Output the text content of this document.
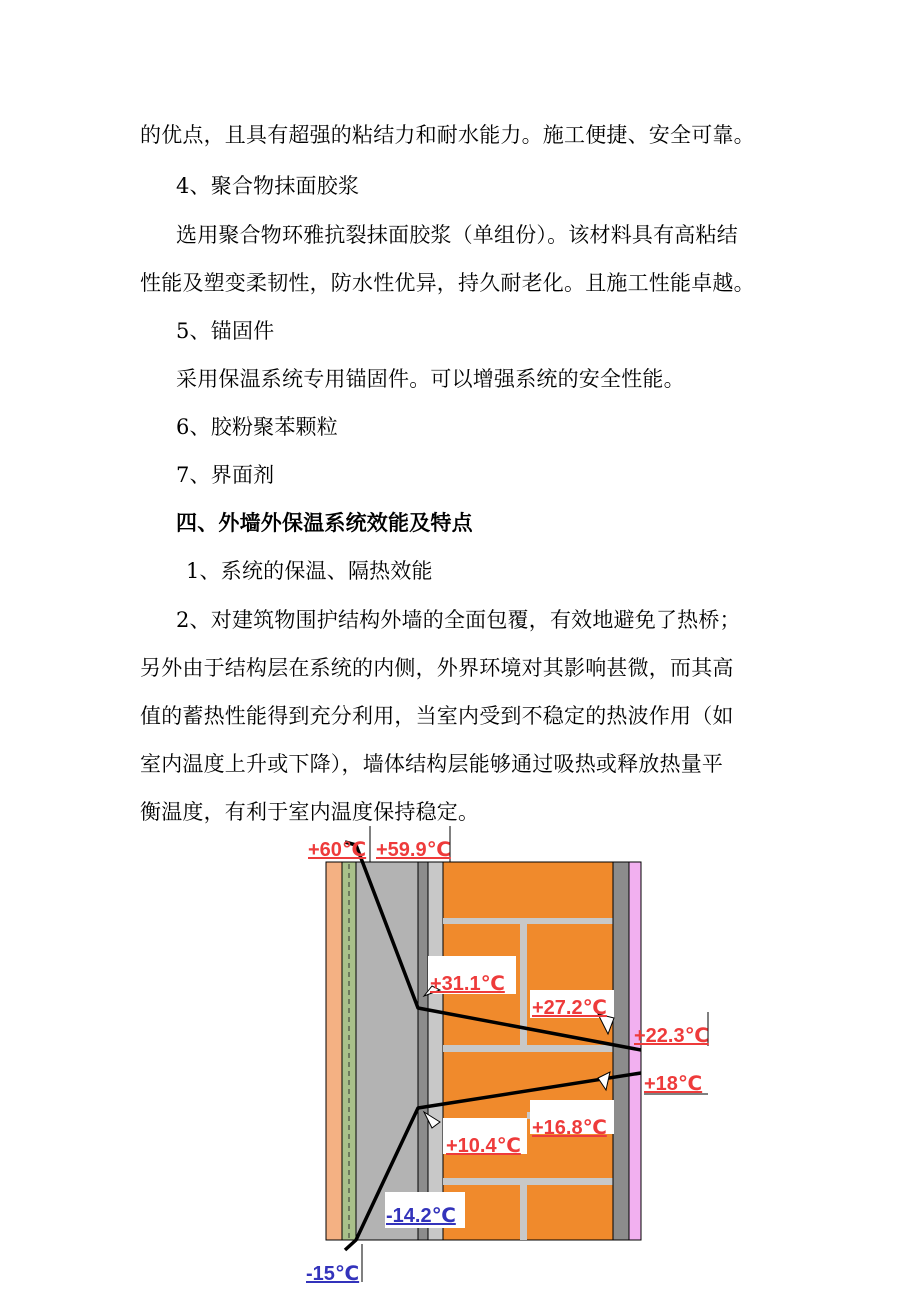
的优点，且具有超强的粘结力和耐水能力。施工便捷、安全可靠。
4、聚合物抹面胶浆
选用聚合物环雅抗裂抹面胶浆（单组份）。该材料具有高粘结
性能及塑变柔韧性，防水性优异，持久耐老化。且施工性能卓越。
5、锚固件
采用保温系统专用锚固件。可以增强系统的安全性能。
6、胶粉聚苯颗粒
7、界面剂
四、外墙外保温系统效能及特点
1、系统的保温、隔热效能
2、对建筑物围护结构外墙的全面包覆，有效地避免了热桥；
另外由于结构层在系统的内侧，外界环境对其影响甚微，而其高
值的蓄热性能得到充分利用，当室内受到不稳定的热波作用（如
室内温度上升或下降），墙体结构层能够通过吸热或释放热量平
衡温度，有利于室内温度保持稳定。
+60℃ +59.9℃
+31.1℃
+27.2℃
+22.3℃
+18℃
+16.8℃
+10.4℃
-14.2℃
-15℃
